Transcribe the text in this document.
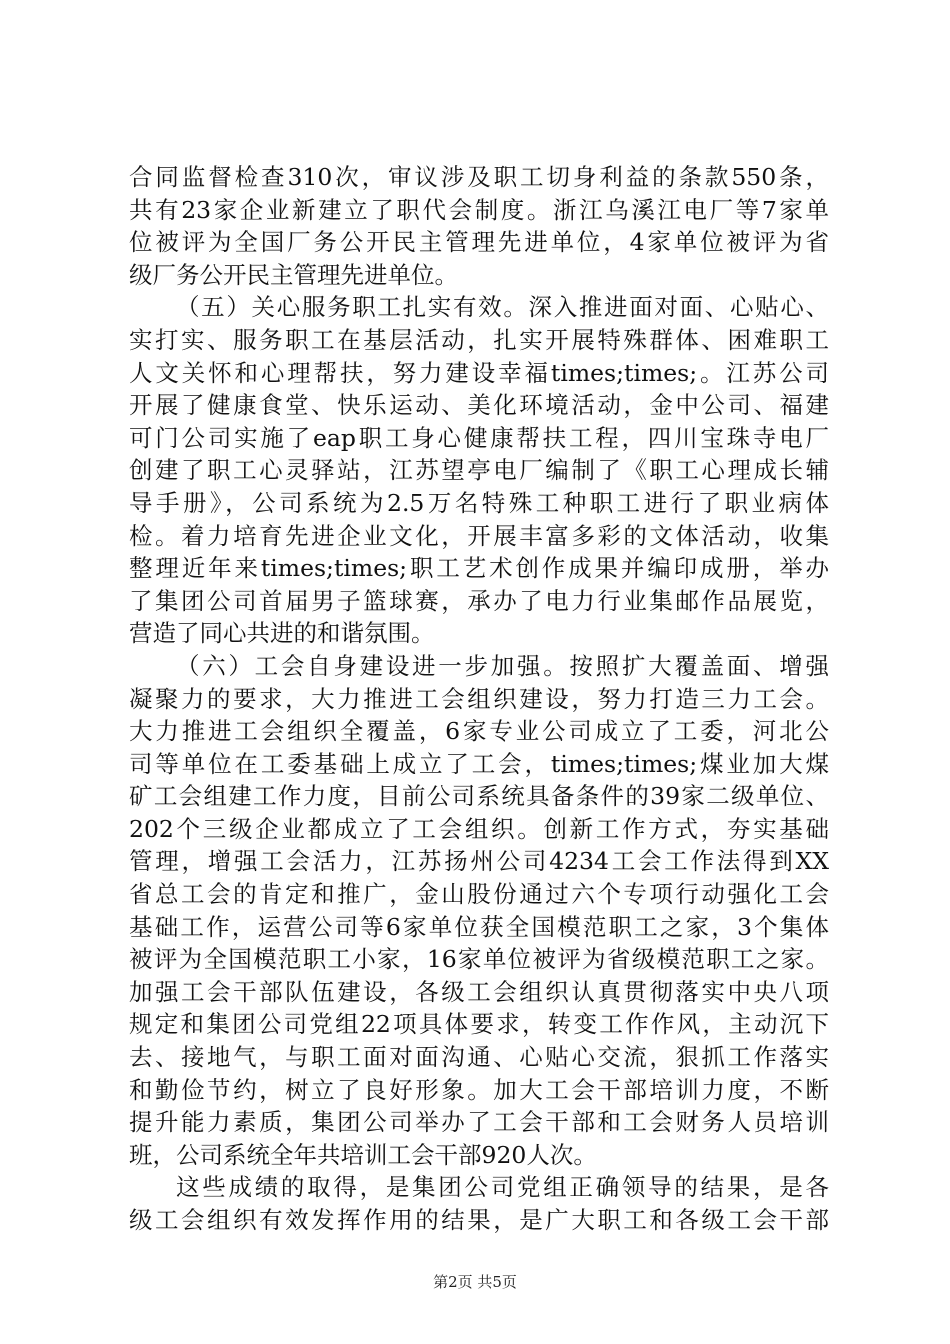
合同监督检查310次，审议涉及职工切身利益的条款550条，
共有23家企业新建立了职代会制度。浙江乌溪江电厂等7家单
位被评为全国厂务公开民主管理先进单位，4家单位被评为省
级厂务公开民主管理先进单位。
（五）关心服务职工扎实有效。深入推进面对面、心贴心、
实打实、服务职工在基层活动，扎实开展特殊群体、困难职工
人文关怀和心理帮扶，努力建设幸福times;times;。江苏公司
开展了健康食堂、快乐运动、美化环境活动，金中公司、福建
可门公司实施了eap职工身心健康帮扶工程，四川宝珠寺电厂
创建了职工心灵驿站，江苏望亭电厂编制了《职工心理成长辅
导手册》，公司系统为2.5万名特殊工种职工进行了职业病体
检。着力培育先进企业文化，开展丰富多彩的文体活动，收集
整理近年来times;times;职工艺术创作成果并编印成册，举办
了集团公司首届男子篮球赛，承办了电力行业集邮作品展览，
营造了同心共进的和谐氛围。
（六）工会自身建设进一步加强。按照扩大覆盖面、增强
凝聚力的要求，大力推进工会组织建设，努力打造三力工会。
大力推进工会组织全覆盖，6家专业公司成立了工委，河北公
司等单位在工委基础上成立了工会，times;times;煤业加大煤
矿工会组建工作力度，目前公司系统具备条件的39家二级单位、
202个三级企业都成立了工会组织。创新工作方式，夯实基础
管理，增强工会活力，江苏扬州公司4234工会工作法得到XX
省总工会的肯定和推广，金山股份通过六个专项行动强化工会
基础工作，运营公司等6家单位获全国模范职工之家，3个集体
被评为全国模范职工小家，16家单位被评为省级模范职工之家。
加强工会干部队伍建设，各级工会组织认真贯彻落实中央八项
规定和集团公司党组22项具体要求，转变工作作风，主动沉下
去、接地气，与职工面对面沟通、心贴心交流，狠抓工作落实
和勤俭节约，树立了良好形象。加大工会干部培训力度，不断
提升能力素质，集团公司举办了工会干部和工会财务人员培训
班，公司系统全年共培训工会干部920人次。
这些成绩的取得，是集团公司党组正确领导的结果，是各
级工会组织有效发挥作用的结果，是广大职工和各级工会干部
第2页 共5页
